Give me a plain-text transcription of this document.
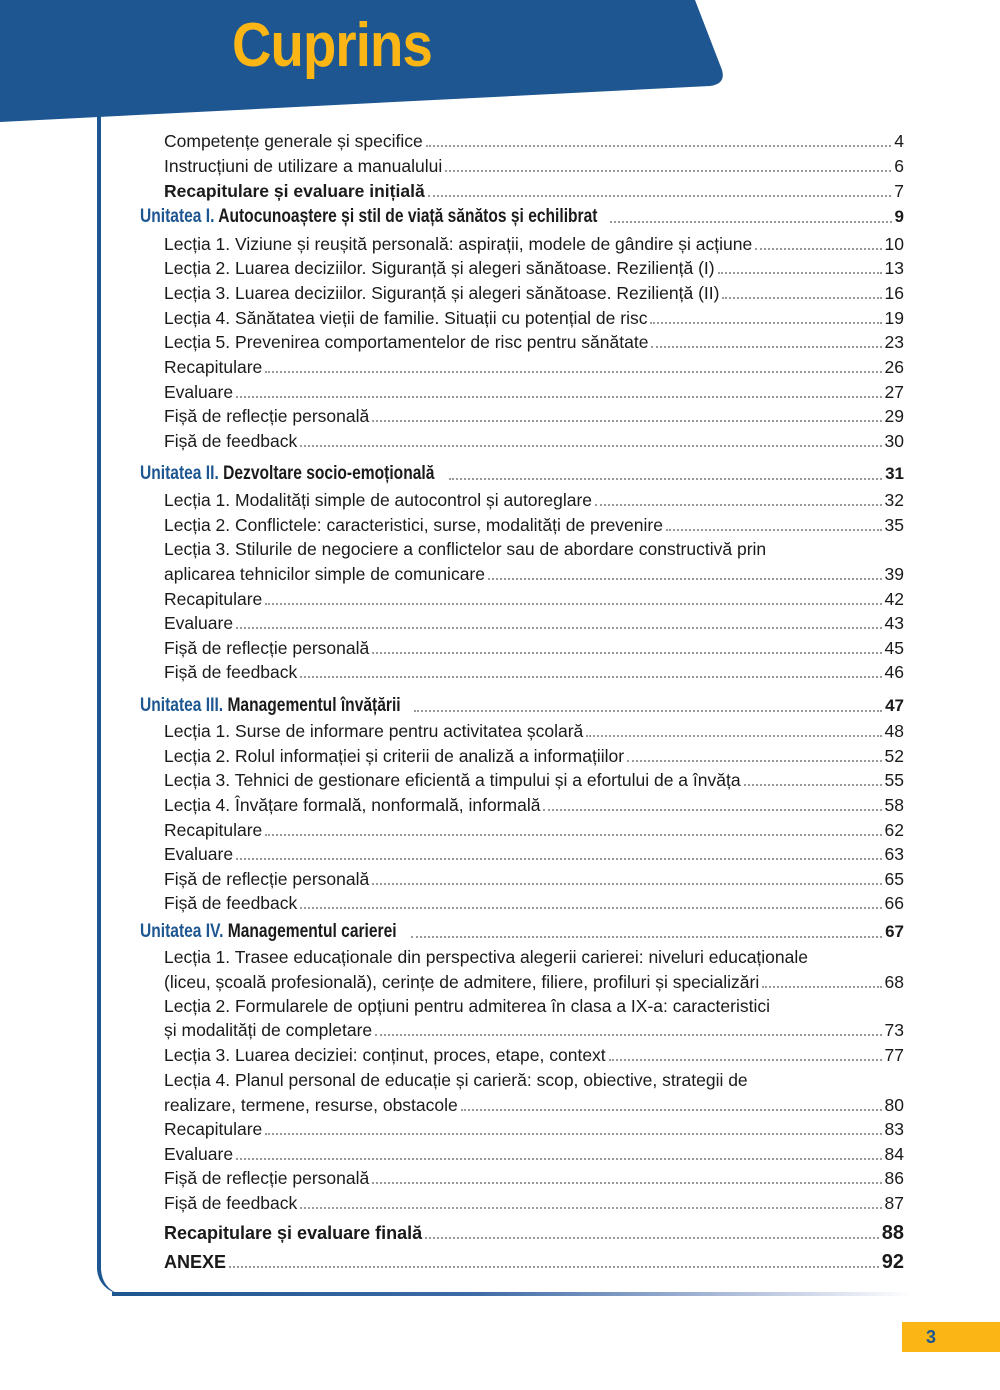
Cuprins
Competențe generale și specifice	4
Instrucțiuni de utilizare a manualului	6
Recapitulare și evaluare inițială	7
Unitatea I. Autocunoaștere și stil de viață sănătos și echilibrat	9
Lecția 1. Viziune și reușită personală: aspirații, modele de gândire și acțiune	10
Lecția 2. Luarea deciziilor. Siguranță și alegeri sănătoase. Reziliență (I)	13
Lecția 3. Luarea deciziilor. Siguranță și alegeri sănătoase. Reziliență (II)	16
Lecția 4. Sănătatea vieții de familie. Situații cu potențial de risc	19
Lecția 5. Prevenirea comportamentelor de risc pentru sănătate	23
Recapitulare	26
Evaluare	27
Fișă de reflecție personală	29
Fișă de feedback	30
Unitatea II. Dezvoltare socio-emoțională	31
Lecția 1. Modalități simple de autocontrol și autoreglare	32
Lecția 2. Conflictele: caracteristici, surse, modalități de prevenire	35
Lecția 3. Stilurile de negociere a conflictelor sau de abordare constructivă prin
aplicarea tehnicilor simple de comunicare	39
Recapitulare	42
Evaluare	43
Fișă de reflecție personală	45
Fișă de feedback	46
Unitatea III. Managementul învățării	47
Lecția 1. Surse de informare pentru activitatea școlară	48
Lecția 2. Rolul informației și criterii de analiză a informațiilor	52
Lecția 3. Tehnici de gestionare eficientă a timpului și a efortului de a învăța	55
Lecția 4. Învățare formală, nonformală, informală	58
Recapitulare	62
Evaluare	63
Fișă de reflecție personală	65
Fișă de feedback	66
Unitatea IV. Managementul carierei	67
Lecția 1. Trasee educaționale din perspectiva alegerii carierei: niveluri educaționale
(liceu, școală profesională), cerințe de admitere, filiere, profiluri și specializări	68
Lecția 2. Formularele de opțiuni pentru admiterea în clasa a IX-a: caracteristici
și modalități de completare	73
Lecția 3. Luarea deciziei: conținut, proces, etape, context	77
Lecția 4. Planul personal de educație și carieră: scop, obiective, strategii de
realizare, termene, resurse, obstacole	80
Recapitulare	83
Evaluare	84
Fișă de reflecție personală	86
Fișă de feedback	87
Recapitulare și evaluare finală	88
ANEXE	92
3
